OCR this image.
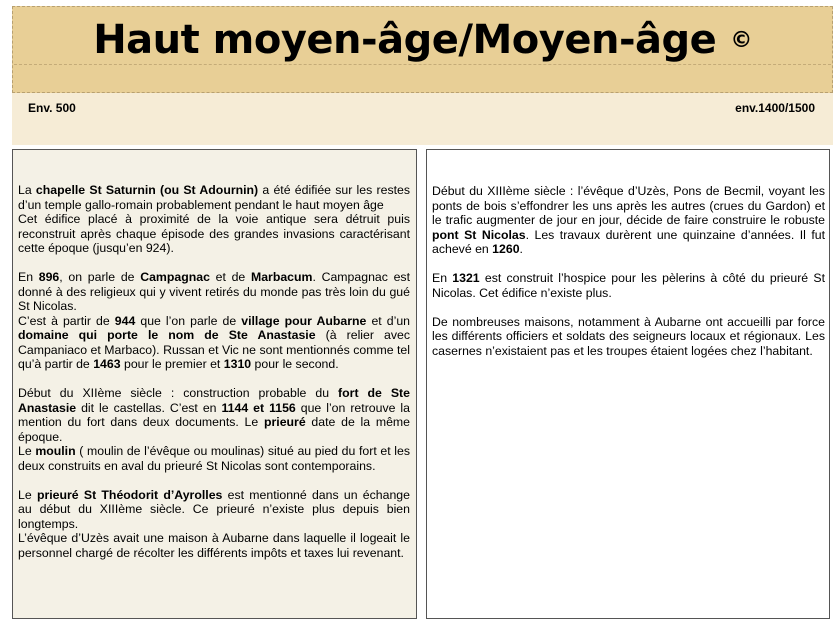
Haut moyen-âge/Moyen-âge ©
Env. 500	env.1400/1500

La chapelle St Saturnin (ou St Adournin) a été édifiée sur les restes d’un temple gallo-romain probablement pendant le haut moyen âge
Cet édifice placé à proximité de la voie antique sera détruit puis reconstruit après chaque épisode des grandes invasions caractérisant cette époque (jusqu’en 924).

En 896, on parle de Campagnac et de Marbacum. Campagnac est donné à des religieux qui y vivent retirés du monde pas très loin du gué St Nicolas.
C’est à partir de 944 que l’on parle de village pour Aubarne et d’un domaine qui porte le nom de Ste Anastasie (à relier avec Campaniaco et Marbaco). Russan et Vic ne sont mentionnés comme tel qu’à partir de 1463 pour le premier et 1310 pour le second.

Début du XIIème siècle : construction probable du fort de Ste Anastasie dit le castellas. C’est en 1144 et 1156 que l’on retrouve la mention du fort dans deux documents. Le prieuré date de la même époque.
Le moulin ( moulin de l’évêque ou moulinas) situé au pied du fort et les deux construits en aval du prieuré St Nicolas sont contemporains.

Le prieuré St Théodorit d’Ayrolles est mentionné dans un échange au début du XIIIème siècle. Ce prieuré n’existe plus depuis bien longtemps.
L’évêque d’Uzès avait une maison à Aubarne dans laquelle il logeait le personnel chargé de récolter les différents impôts et taxes lui revenant.

Début du XIIIème siècle : l’évêque d’Uzès, Pons de Becmil, voyant les ponts de bois s’effondrer les uns après les autres (crues du Gardon) et le trafic augmenter de jour en jour, décide de faire construire le robuste pont St Nicolas. Les travaux durèrent une quinzaine d’années. Il fut achevé en 1260.

En 1321 est construit l’hospice pour les pèlerins à côté du prieuré St Nicolas. Cet édifice n’existe plus.

De nombreuses maisons, notamment à Aubarne ont accueilli par force les différents officiers et soldats des seigneurs locaux et régionaux. Les casernes n’existaient pas et les troupes étaient logées chez l’habitant.
